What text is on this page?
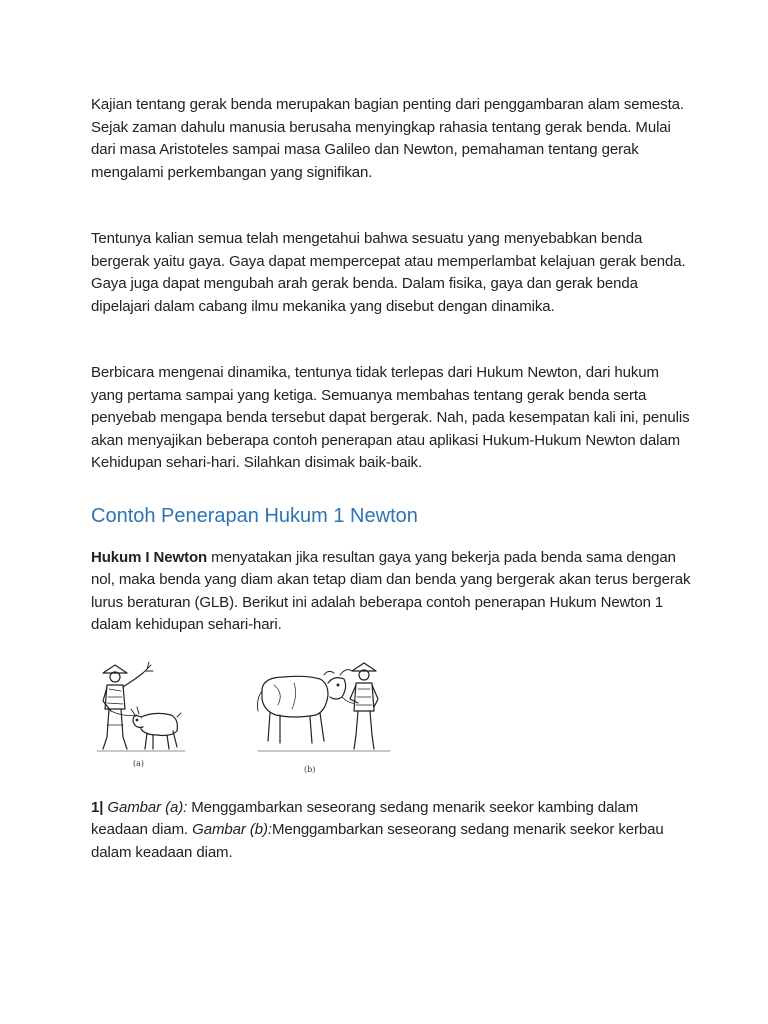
Kajian tentang gerak benda merupakan bagian penting dari penggambaran alam semesta. Sejak zaman dahulu manusia berusaha menyingkap rahasia tentang gerak benda. Mulai dari masa Aristoteles sampai masa Galileo dan Newton, pemahaman tentang gerak mengalami perkembangan yang signifikan.

Tentunya kalian semua telah mengetahui bahwa sesuatu yang menyebabkan benda bergerak yaitu gaya. Gaya dapat mempercepat atau memperlambat kelajuan gerak benda. Gaya juga dapat mengubah arah gerak benda. Dalam fisika, gaya dan gerak benda dipelajari dalam cabang ilmu mekanika yang disebut dengan dinamika.

Berbicara mengenai dinamika, tentunya tidak terlepas dari Hukum Newton, dari hukum yang pertama sampai yang ketiga. Semuanya membahas tentang gerak benda serta penyebab mengapa benda tersebut dapat bergerak. Nah, pada kesempatan kali ini, penulis akan menyajikan beberapa contoh penerapan atau aplikasi Hukum-Hukum Newton dalam Kehidupan sehari-hari. Silahkan disimak baik-baik.

Contoh Penerapan Hukum 1 Newton

Hukum I Newton menyatakan jika resultan gaya yang bekerja pada benda sama dengan nol, maka benda yang diam akan tetap diam dan benda yang bergerak akan terus bergerak lurus beraturan (GLB). Berikut ini adalah beberapa contoh penerapan Hukum Newton 1 dalam kehidupan sehari-hari.

(a)
(b)

1| Gambar (a): Menggambarkan seseorang sedang menarik seekor kambing dalam keadaan diam. Gambar (b):Menggambarkan seseorang sedang menarik seekor kerbau dalam keadaan diam.
